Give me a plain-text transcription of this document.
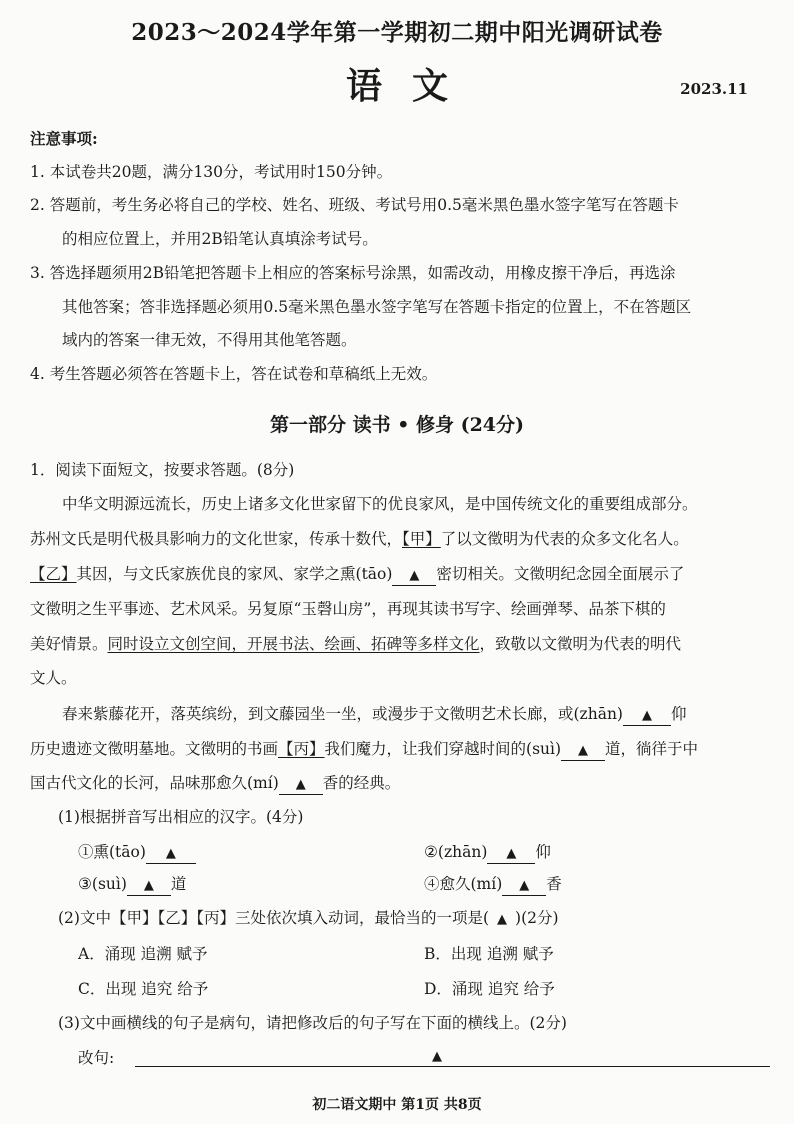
2023～2024学年第一学期初二期中阳光调研试卷
语文	2023.11
注意事项:
1. 本试卷共20题，满分130分，考试用时150分钟。
2. 答题前，考生务必将自己的学校、姓名、班级、考试号用0.5毫米黑色墨水签字笔写在答题卡
的相应位置上，并用2B铅笔认真填涂考试号。
3. 答选择题须用2B铅笔把答题卡上相应的答案标号涂黑，如需改动，用橡皮擦干净后，再选涂
其他答案；答非选择题必须用0.5毫米黑色墨水签字笔写在答题卡指定的位置上，不在答题区
域内的答案一律无效，不得用其他笔答题。
4. 考生答题必须答在答题卡上，答在试卷和草稿纸上无效。
第一部分 读书 • 修身 (24分)
1．阅读下面短文，按要求答题。(8分)
中华文明源远流长，历史上诸多文化世家留下的优良家风，是中国传统文化的重要组成部分。
苏州文氏是明代极具影响力的文化世家，传承十数代，【甲】了以文徵明为代表的众多文化名人。
【乙】其因，与文氏家族优良的家风、家学之熏(tāo) ▲ 密切相关。文徵明纪念园全面展示了
文徵明之生平事迹、艺术风采。另复原“玉磬山房”，再现其读书写字、绘画弹琴、品茶下棋的
美好情景。同时设立文创空间，开展书法、绘画、拓碑等多样文化，致敬以文徵明为代表的明代
文人。
春来紫藤花开，落英缤纷，到文藤园坐一坐，或漫步于文徵明艺术长廊，或(zhān) ▲ 仰
历史遗迹文徵明墓地。文徵明的书画【丙】我们魔力，让我们穿越时间的(suì) ▲ 道，徜徉于中
国古代文化的长河，品味那愈久(mí) ▲ 香的经典。
(1)根据拼音写出相应的汉字。(4分)
①熏(tāo) ▲	②(zhān) ▲ 仰
③(suì) ▲ 道	④愈久(mí) ▲ 香
(2)文中【甲】【乙】【丙】三处依次填入动词，最恰当的一项是( ▲ )(2分)
A．涌现 追溯 赋予	B．出现 追溯 赋予
C．出现 追究 给予	D．涌现 追究 给予
(3)文中画横线的句子是病句，请把修改后的句子写在下面的横线上。(2分)
改句:	▲
初二语文期中 第1页 共8页
